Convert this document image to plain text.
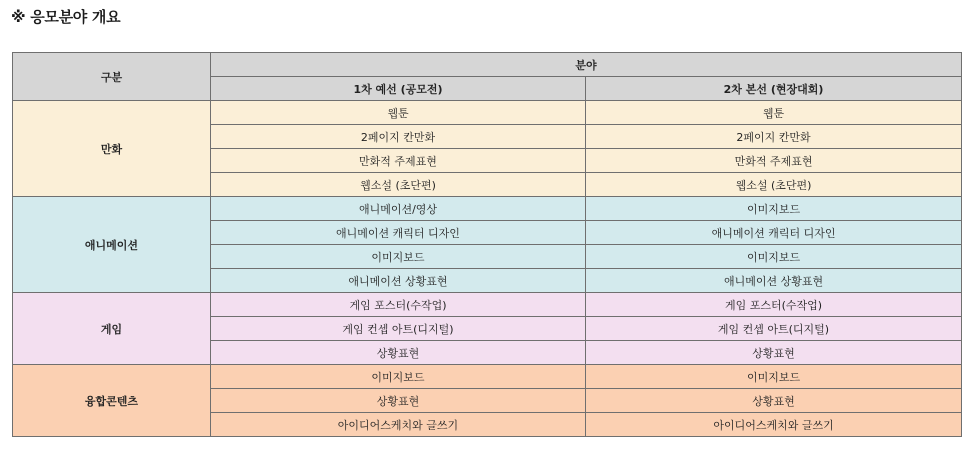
※ 응모분야 개요
구분	분야	
	1차 예선 (공모전)	2차 본선 (현장대회)
만화	웹툰	웹툰
	2페이지 칸만화	2페이지 칸만화
	만화적 주제표현	만화적 주제표현
	웹소설 (초단편)	웹소설 (초단편)
애니메이션	애니메이션/영상	이미지보드
	애니메이션 캐릭터 디자인	애니메이션 캐릭터 디자인
	이미지보드	이미지보드
	애니메이션 상황표현	애니메이션 상황표현
게임	게임 포스터(수작업)	게임 포스터(수작업)
	게임 컨셉 아트(디지털)	게임 컨셉 아트(디지털)
	상황표현	상황표현
융합콘텐츠	이미지보드	이미지보드
	상황표현	상황표현
	아이디어스케치와 글쓰기	아이디어스케치와 글쓰기
